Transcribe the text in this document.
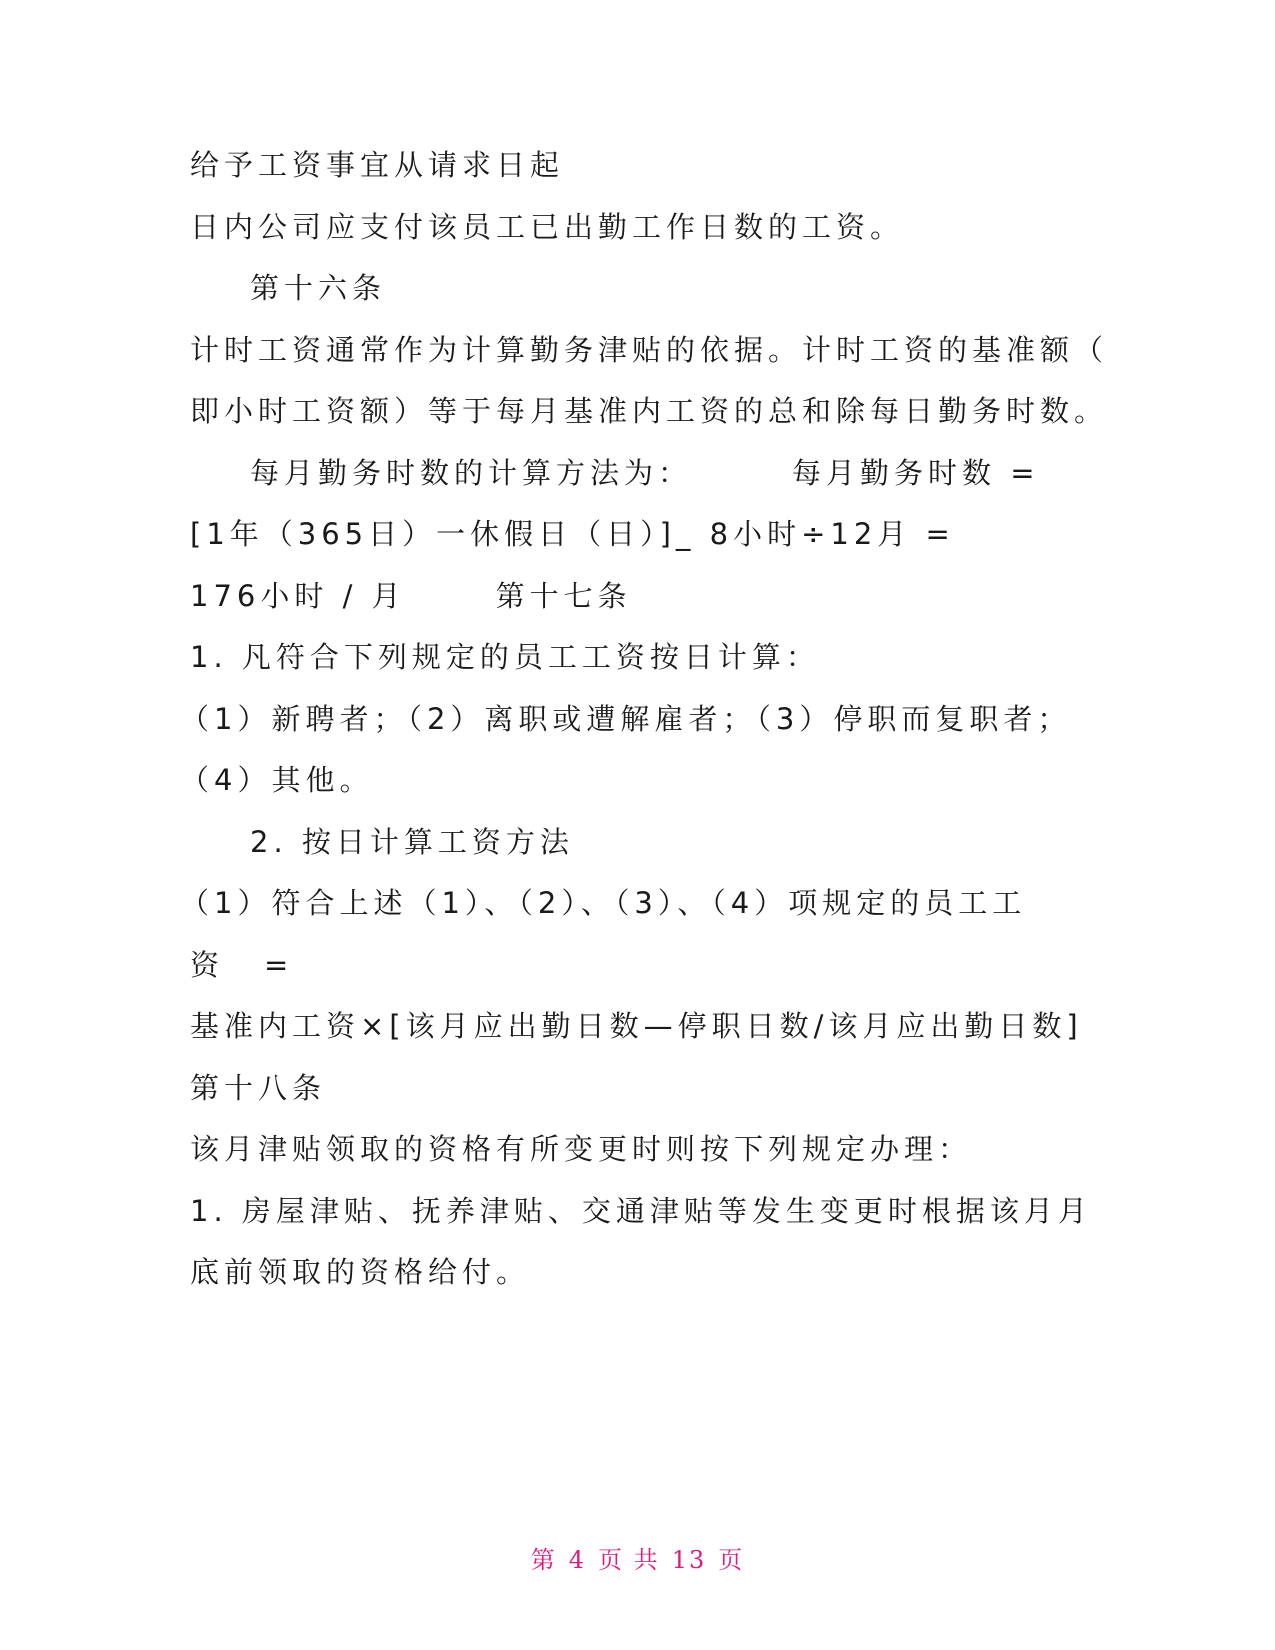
给予工资事宜从请求日起

日内公司应支付该员工已出勤工作日数的工资。

第十六条

计时工资通常作为计算勤务津贴的依据。计时工资的基准额（

即小时工资额）等于每月基准内工资的总和除每日勤务时数。

每月勤务时数的计算方法为：	每月勤务时数 =

[1年（365日）一休假日（日）]_ 8小时÷12月 =

176小时 / 月	第十七条

1. 凡符合下列规定的员工工资按日计算：

（1）新聘者；（2）离职或遭解雇者；（3）停职而复职者；

（4）其他。

2. 按日计算工资方法

（1）符合上述（1）、（2）、（3）、（4）项规定的员工工

资 =

基准内工资×[该月应出勤日数—停职日数/该月应出勤日数]

第十八条

该月津贴领取的资格有所变更时则按下列规定办理：

1. 房屋津贴、抚养津贴、交通津贴等发生变更时根据该月月

底前领取的资格给付。

第 4 页 共 13 页
